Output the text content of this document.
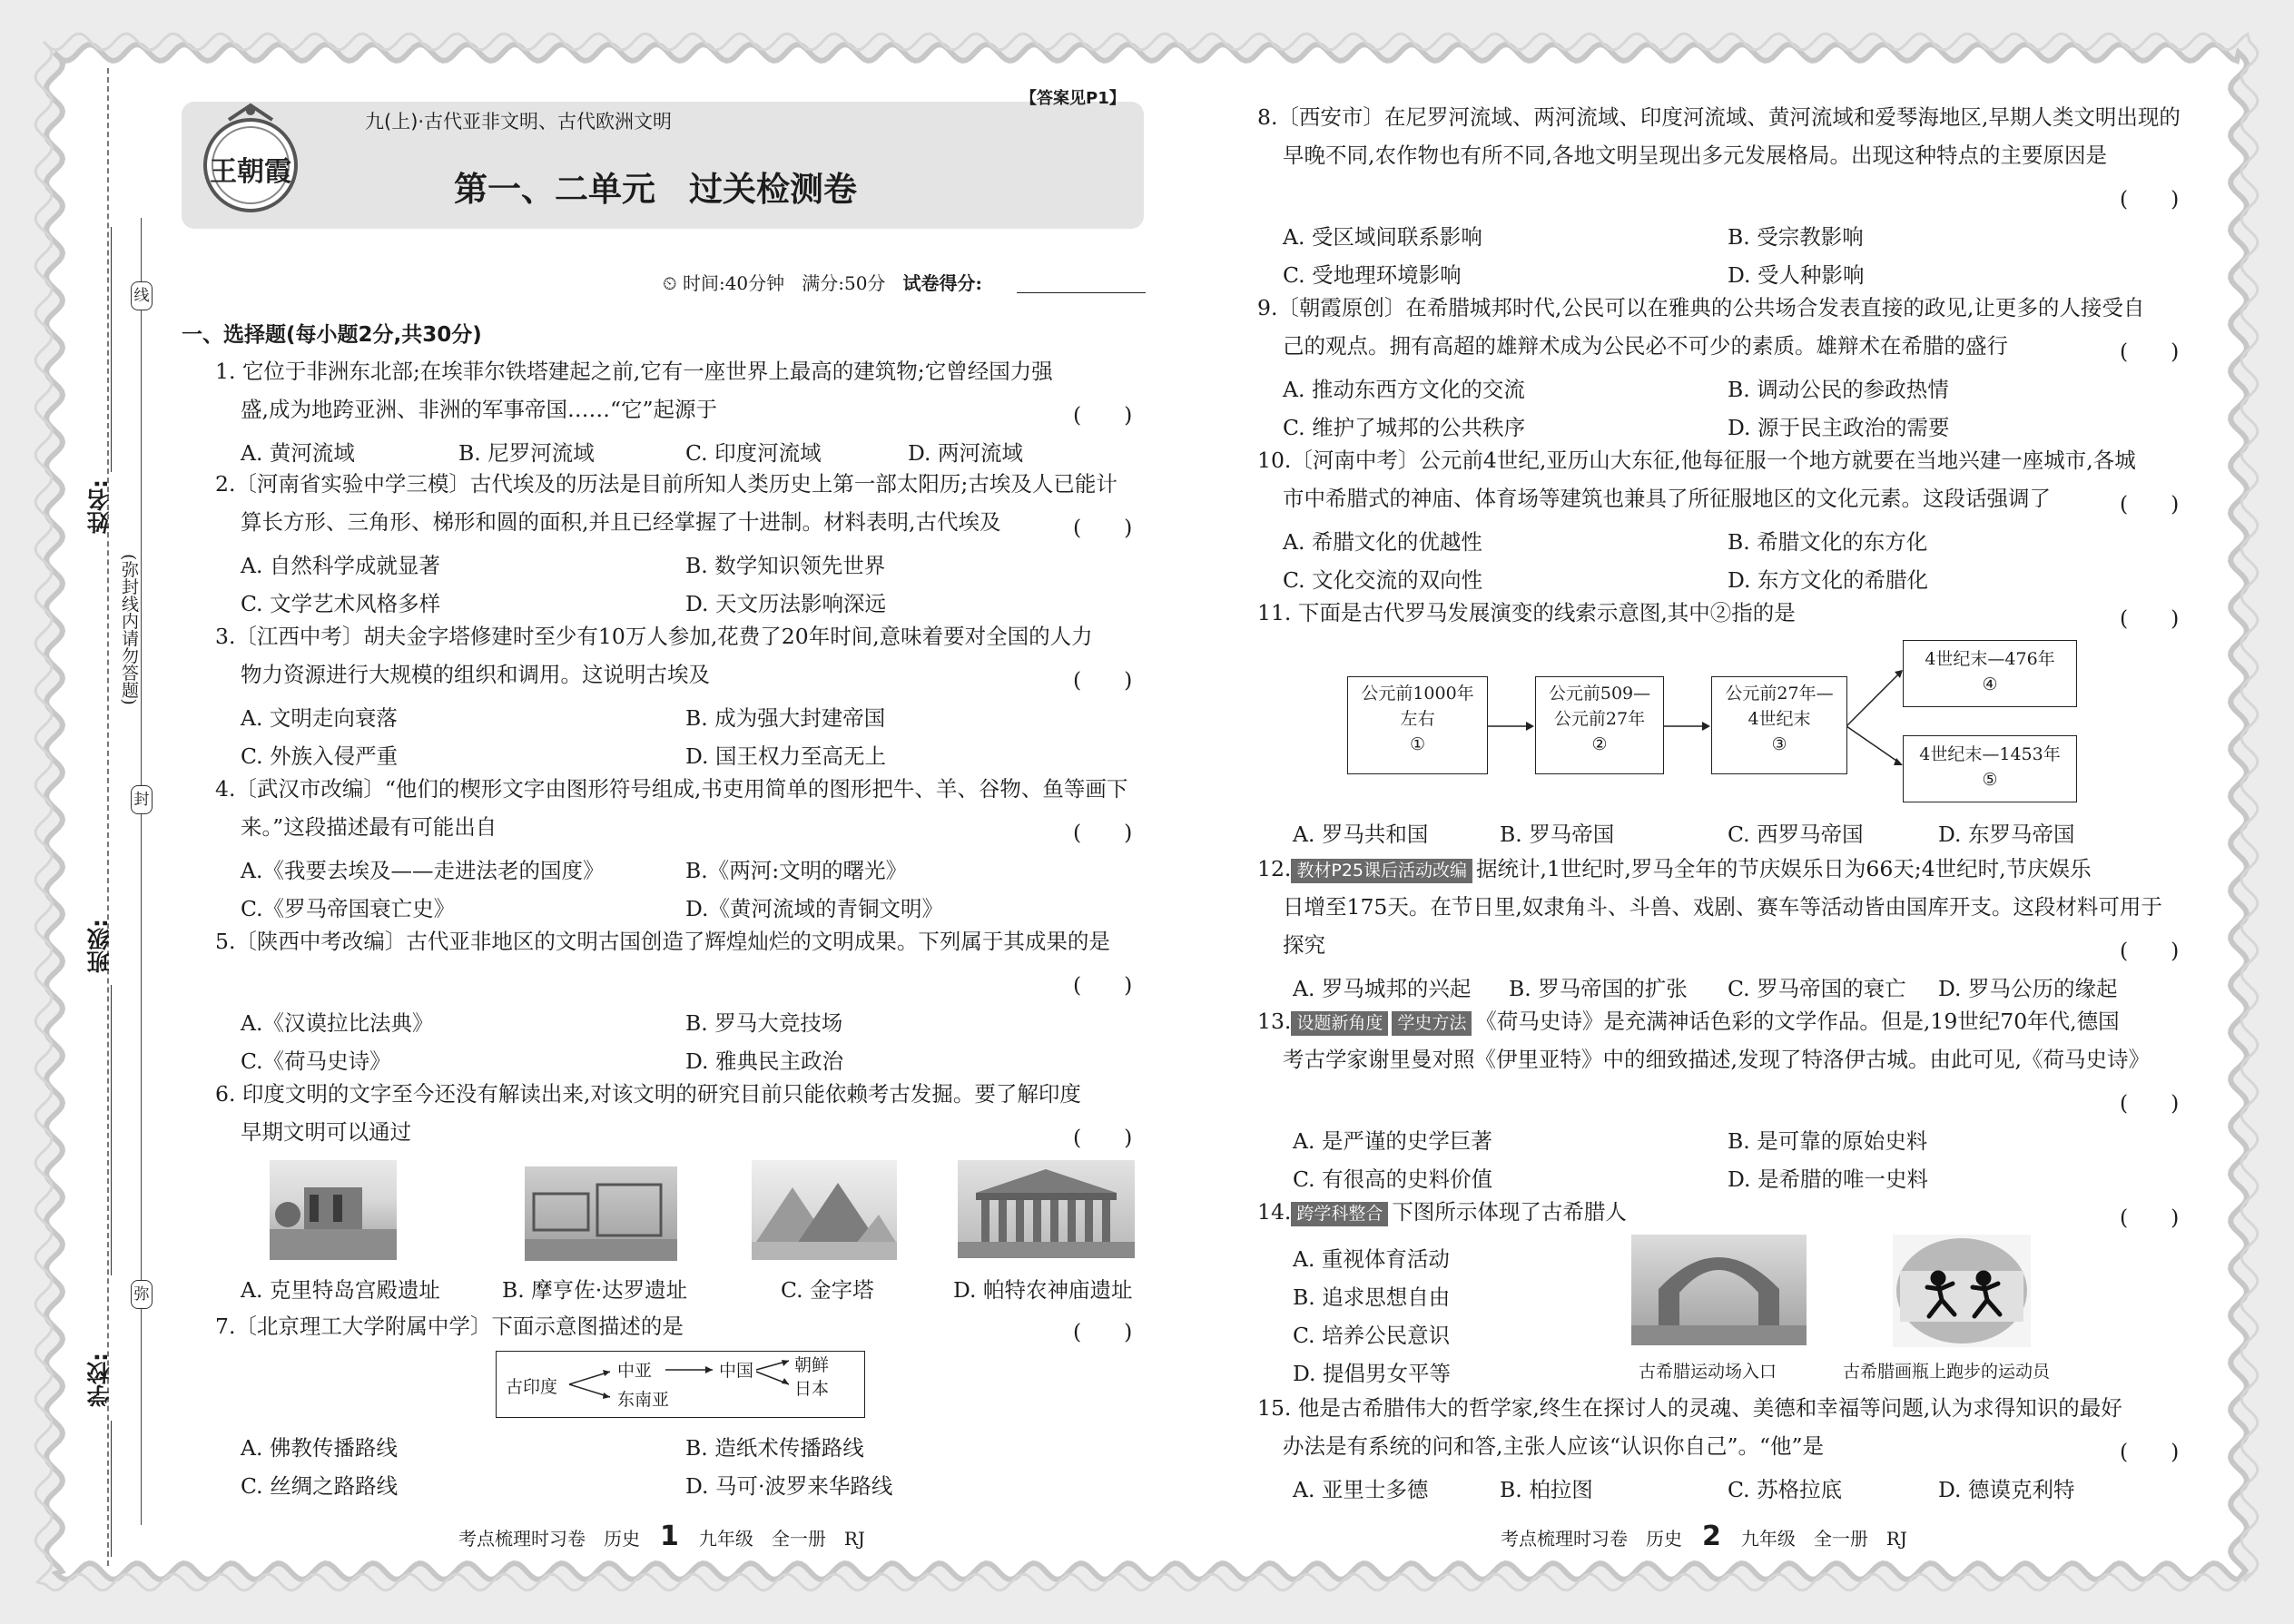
线
封
弥
(弥封线内请勿答题)
姓名:
班级:
学校:
王朝霞
九(上)·古代亚非文明、古代欧洲文明
【答案见P1】
第一、二单元　过关检测卷
⏲ 时间:40分钟 满分:50分 试卷得分:
一、选择题(每小题2分,共30分)
1. 它位于非洲东北部;在埃菲尔铁塔建起之前,它有一座世界上最高的建筑物;它曾经国力强
盛,成为地跨亚洲、非洲的军事帝国……“它”起源于	(　　)
A. 黄河流域	B. 尼罗河流域	C. 印度河流域	D. 两河流域
2.〔河南省实验中学三模〕古代埃及的历法是目前所知人类历史上第一部太阳历;古埃及人已能计
算长方形、三角形、梯形和圆的面积,并且已经掌握了十进制。材料表明,古代埃及	(　　)
A. 自然科学成就显著	B. 数学知识领先世界
C. 文学艺术风格多样	D. 天文历法影响深远
3.〔江西中考〕胡夫金字塔修建时至少有10万人参加,花费了20年时间,意味着要对全国的人力
物力资源进行大规模的组织和调用。这说明古埃及	(　　)
A. 文明走向衰落	B. 成为强大封建帝国
C. 外族入侵严重	D. 国王权力至高无上
4.〔武汉市改编〕“他们的楔形文字由图形符号组成,书吏用简单的图形把牛、羊、谷物、鱼等画下
来。”这段描述最有可能出自	(　　)
A.《我要去埃及——走进法老的国度》	B.《两河:文明的曙光》
C.《罗马帝国衰亡史》	D.《黄河流域的青铜文明》
5.〔陕西中考改编〕古代亚非地区的文明古国创造了辉煌灿烂的文明成果。下列属于其成果的是
(　　)
A.《汉谟拉比法典》	B. 罗马大竞技场
C.《荷马史诗》	D. 雅典民主政治
6. 印度文明的文字至今还没有解读出来,对该文明的研究目前只能依赖考古发掘。要了解印度
早期文明可以通过	(　　)
A. 克里特岛宫殿遗址	B. 摩亨佐·达罗遗址	C. 金字塔	D. 帕特农神庙遗址
7.〔北京理工大学附属中学〕下面示意图描述的是	(　　)
古印度
中亚
东南亚
中国 朝鲜
日本
A. 佛教传播路线	B. 造纸术传播路线
C. 丝绸之路路线	D. 马可·波罗来华路线
考点梳理时习卷　历史 1 九年级　全一册　RJ
8.〔西安市〕在尼罗河流域、两河流域、印度河流域、黄河流域和爱琴海地区,早期人类文明出现的
早晚不同,农作物也有所不同,各地文明呈现出多元发展格局。出现这种特点的主要原因是
(　　)
A. 受区域间联系影响	B. 受宗教影响
C. 受地理环境影响	D. 受人种影响
9.〔朝霞原创〕在希腊城邦时代,公民可以在雅典的公共场合发表直接的政见,让更多的人接受自
己的观点。拥有高超的雄辩术成为公民必不可少的素质。雄辩术在希腊的盛行	(　　)
A. 推动东西方文化的交流	B. 调动公民的参政热情
C. 维护了城邦的公共秩序	D. 源于民主政治的需要
10.〔河南中考〕公元前4世纪,亚历山大东征,他每征服一个地方就要在当地兴建一座城市,各城
市中希腊式的神庙、体育场等建筑也兼具了所征服地区的文化元素。这段话强调了	(　　)
A. 希腊文化的优越性	B. 希腊文化的东方化
C. 文化交流的双向性	D. 东方文化的希腊化
11. 下面是古代罗马发展演变的线索示意图,其中②指的是	(　　)
公元前1000年
左右
①
公元前509—
公元前27年
②
公元前27年—
4世纪末
③
4世纪末—476年
④
4世纪末—1453年
⑤
A. 罗马共和国	B. 罗马帝国	C. 西罗马帝国	D. 东罗马帝国
12. 教材P25课后活动改编 据统计,1世纪时,罗马全年的节庆娱乐日为66天;4世纪时,节庆娱乐
日增至175天。在节日里,奴隶角斗、斗兽、戏剧、赛车等活动皆由国库开支。这段材料可用于
探究	(　　)
A. 罗马城邦的兴起 B. 罗马帝国的扩张 C. 罗马帝国的衰亡 D. 罗马公历的缘起
13. 设题新角度 学史方法 《荷马史诗》是充满神话色彩的文学作品。但是,19世纪70年代,德国
考古学家谢里曼对照《伊里亚特》中的细致描述,发现了特洛伊古城。由此可见,《荷马史诗》
(　　)
A. 是严谨的史学巨著	B. 是可靠的原始史料
C. 有很高的史料价值	D. 是希腊的唯一史料
14. 跨学科整合 下图所示体现了古希腊人	(　　)
A. 重视体育活动
B. 追求思想自由
C. 培养公民意识
D. 提倡男女平等	古希腊运动场入口	古希腊画瓶上跑步的运动员
15. 他是古希腊伟大的哲学家,终生在探讨人的灵魂、美德和幸福等问题,认为求得知识的最好
办法是有系统的问和答,主张人应该“认识你自己”。“他”是	(　　)
A. 亚里士多德	B. 柏拉图	C. 苏格拉底	D. 德谟克利特
考点梳理时习卷　历史 2 九年级　全一册　RJ
